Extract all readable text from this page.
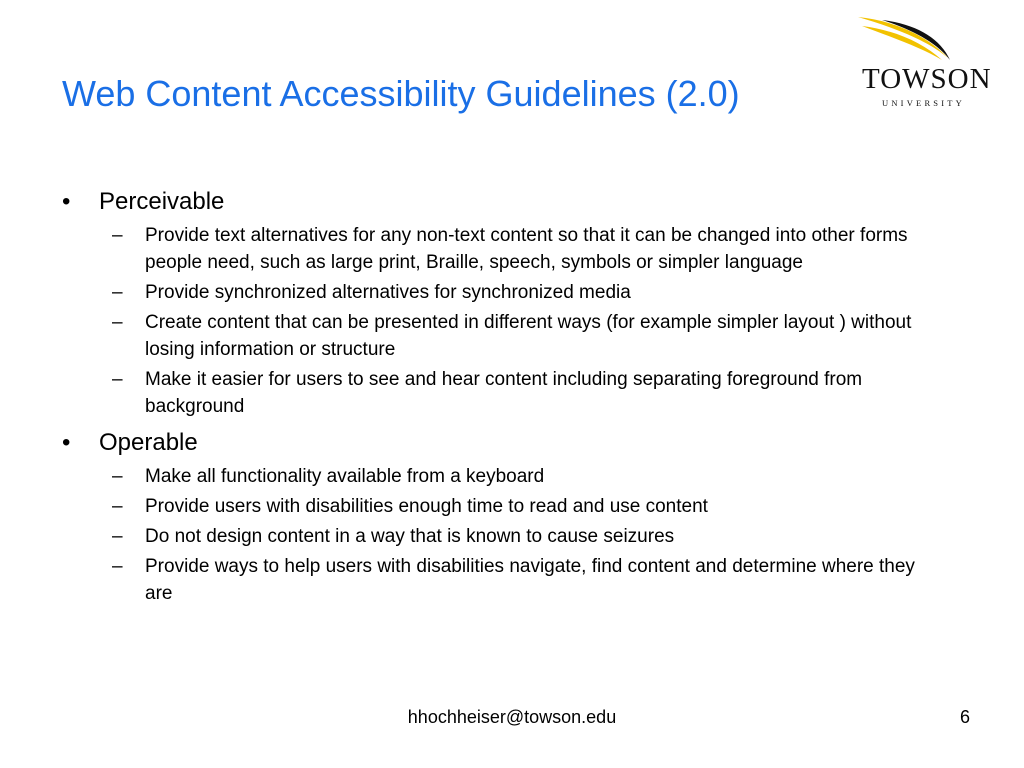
Web Content Accessibility Guidelines (2.0)	TOWSON
UNIVERSITY
•	Perceivable
–	Provide text alternatives for any non-text content so that it can be changed into other forms people need, such as large print, Braille, speech, symbols or simpler language
–	Provide synchronized alternatives for synchronized media
–	Create content that can be presented in different ways (for example simpler layout ) without losing information or structure
–	Make it easier for users to see and hear content including separating foreground from background
•	Operable
–	Make all functionality available from a keyboard
–	Provide users with disabilities enough time to read and use content
–	Do not design content in a way that is known to cause seizures
–	Provide ways to help users with disabilities navigate, find content and determine where they are
hhochheiser@towson.edu	6
